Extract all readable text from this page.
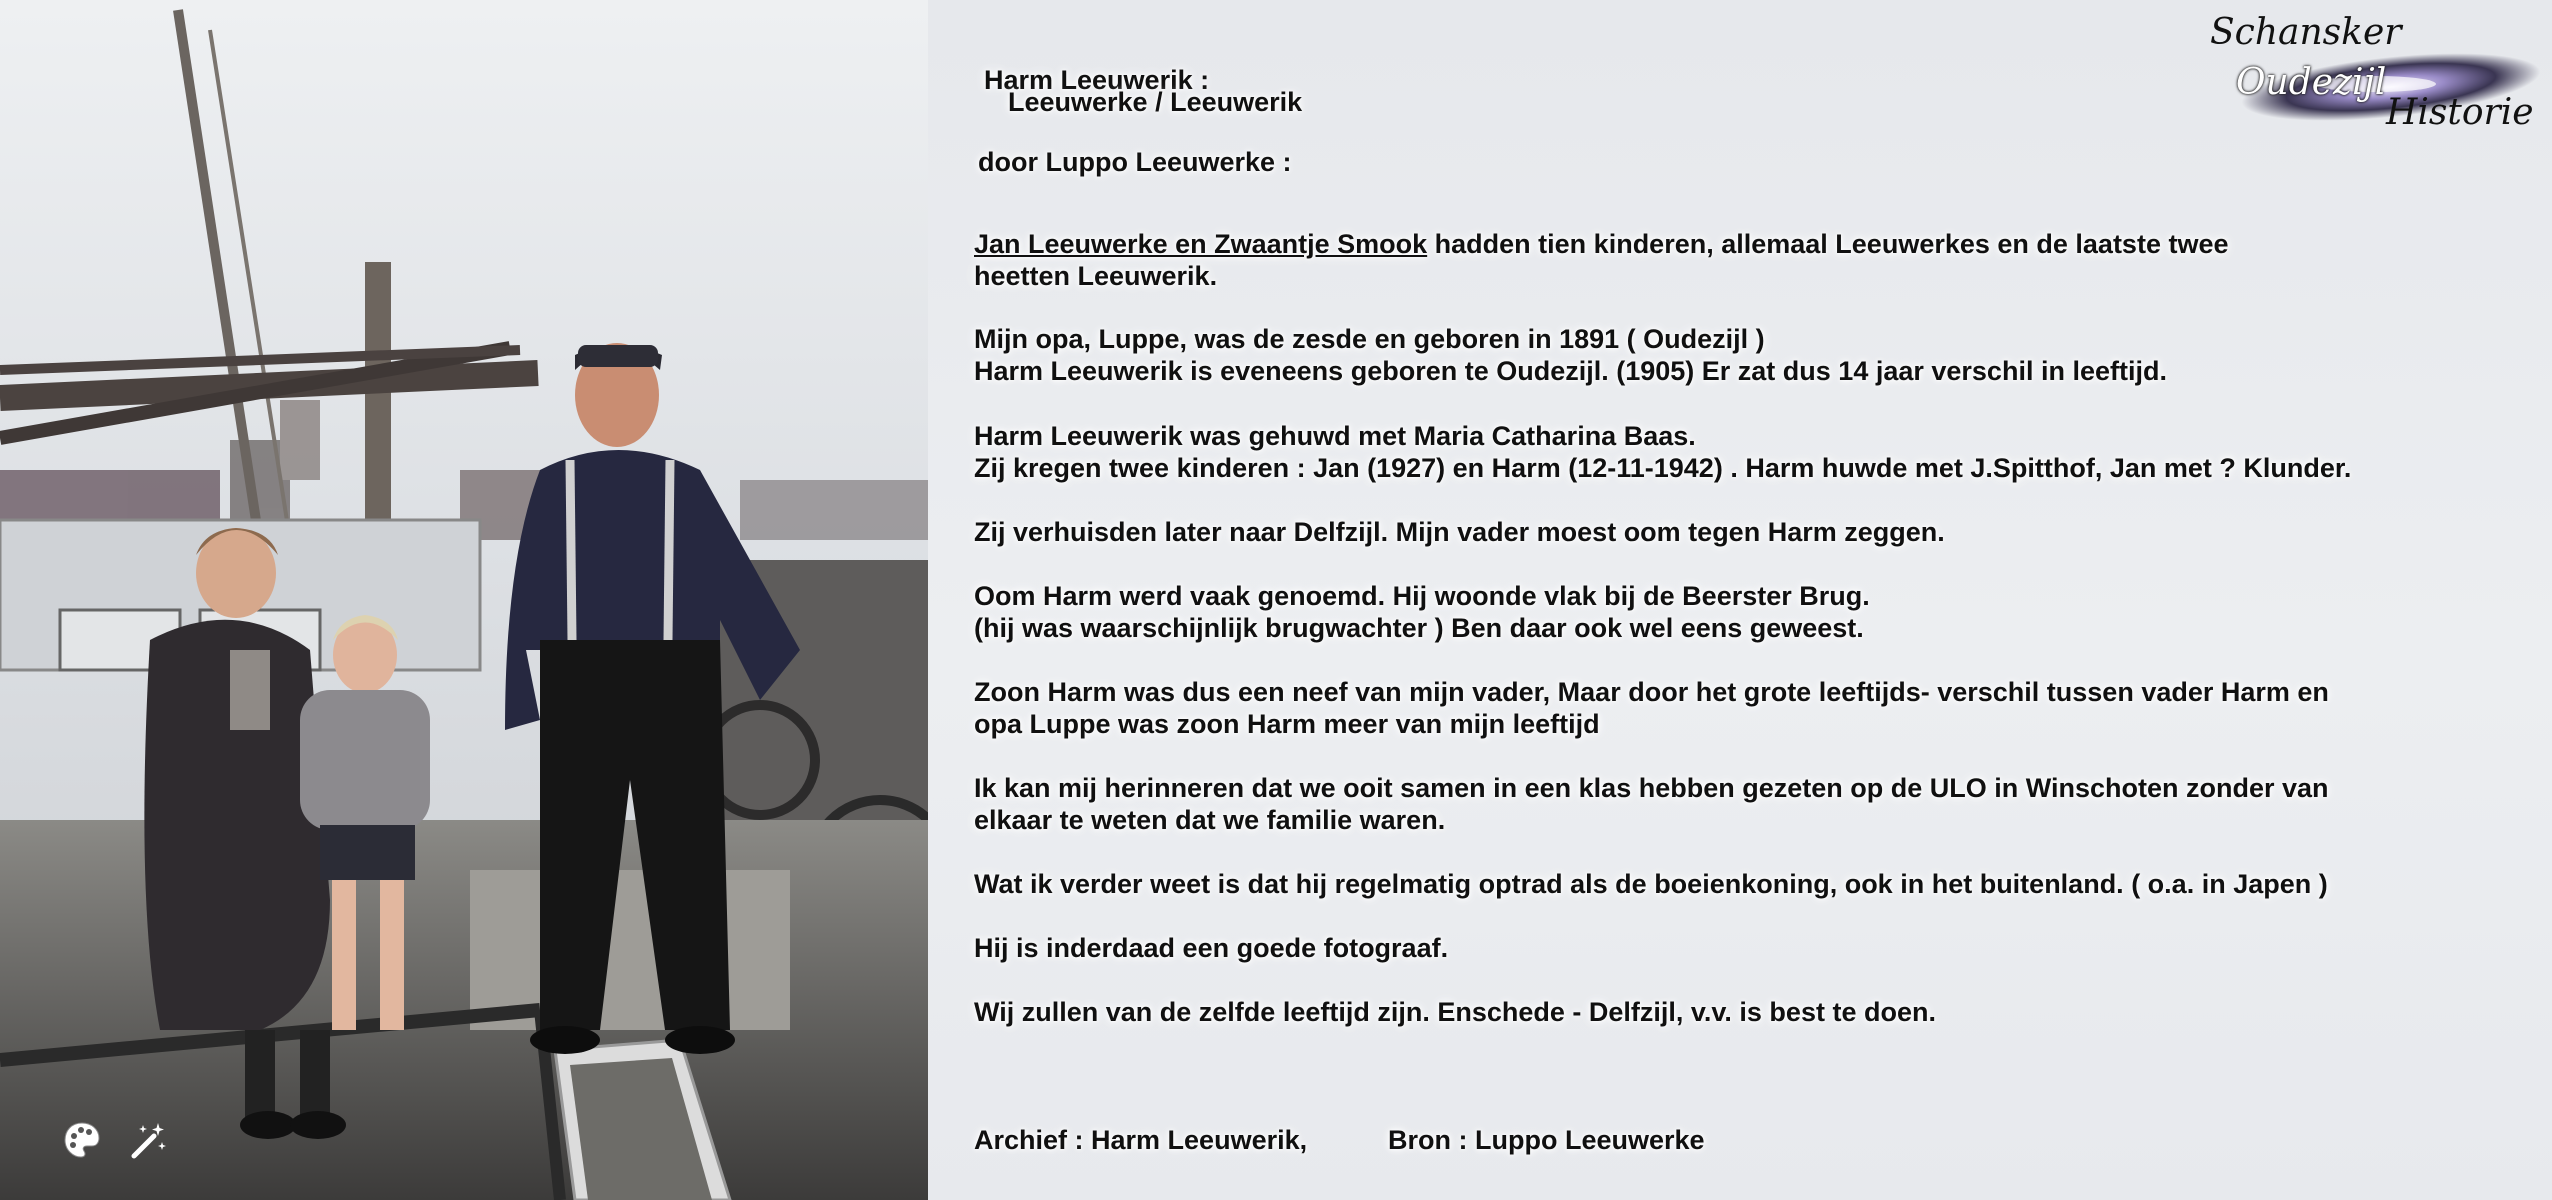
Harm Leeuwerik :
Leeuwerke / Leeuwerik
door Luppo Leeuwerke :
Jan Leeuwerke en Zwaantje Smook hadden tien kinderen, allemaal Leeuwerkes en de laatste twee
heetten Leeuwerik.
Mijn opa, Luppe, was de zesde en geboren in 1891 ( Oudezijl )
Harm Leeuwerik is eveneens geboren te Oudezijl. (1905) Er zat dus 14 jaar verschil in leeftijd.
Harm Leeuwerik was gehuwd met Maria Catharina Baas.
Zij kregen twee kinderen : Jan (1927) en Harm (12-11-1942) . Harm huwde met J.Spitthof, Jan met ? Klunder.
Zij verhuisden later naar Delfzijl. Mijn vader moest oom tegen Harm zeggen.
Oom Harm werd vaak genoemd. Hij woonde vlak bij de Beerster Brug.
(hij was waarschijnlijk brugwachter ) Ben daar ook wel eens geweest.
Zoon Harm was dus een neef van mijn vader, Maar door het grote leeftijds- verschil tussen vader Harm en
opa Luppe was zoon Harm meer van mijn leeftijd
Ik kan mij herinneren dat we ooit samen in een klas hebben gezeten op de ULO in Winschoten zonder van
elkaar te weten dat we familie waren.
Wat ik verder weet is dat hij regelmatig optrad als de boeienkoning, ook in het buitenland. ( o.a. in Japen )
Hij is inderdaad een goede fotograaf.
Wij zullen van de zelfde leeftijd zijn. Enschede - Delfzijl, v.v. is best te doen.
Archief : Harm Leeuwerik,	Bron : Luppo Leeuwerke
Schansker
Oudezijl
Historie
